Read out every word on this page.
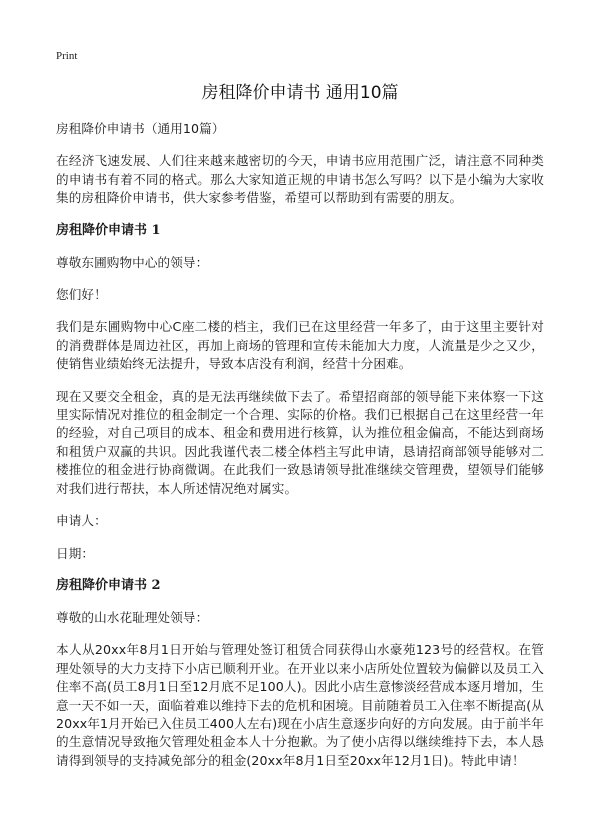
Print
房租降价申请书 通用10篇

房租降价申请书（通用10篇）

在经济飞速发展、人们往来越来越密切的今天，申请书应用范围广泛，请注意不同种类的申请书有着不同的格式。那么大家知道正规的申请书怎么写吗？以下是小编为大家收集的房租降价申请书，供大家参考借鉴，希望可以帮助到有需要的朋友。

房租降价申请书 1

尊敬东圃购物中心的领导：

您们好！

我们是东圃购物中心C座二楼的档主，我们已在这里经营一年多了，由于这里主要针对的消费群体是周边社区，再加上商场的管理和宣传未能加大力度，人流量是少之又少，使销售业绩始终无法提升，导致本店没有利润，经营十分困难。

现在又要交全租金，真的是无法再继续做下去了。希望招商部的领导能下来体察一下这里实际情况对推位的租金制定一个合理、实际的价格。我们已根据自己在这里经营一年的经验，对自己项目的成本、租金和费用进行核算，认为推位租金偏高，不能达到商场和租赁户双赢的共识。因此我谨代表二楼全体档主写此申请，恳请招商部领导能够对二楼推位的租金进行协商微调。在此我们一致恳请领导批准继续交管理费，望领导们能够对我们进行帮扶，本人所述情况绝对属实。

申请人：

日期：

房租降价申请书 2

尊敬的山水花耻理处领导：

本人从20xx年8月1日开始与管理处签订租赁合同获得山水豪苑123号的经营权。在管理处领导的大力支持下小店已顺利开业。在开业以来小店所处位置较为偏僻以及员工入住率不高(员工8月1日至12月底不足100人)。因此小店生意惨淡经营成本逐月增加，生意一天不如一天，面临着难以维持下去的危机和困境。目前随着员工入住率不断提高(从20xx年1月开始已入住员工400人左右)现在小店生意逐步向好的方向发展。由于前半年的生意情况导致拖欠管理处租金本人十分抱歉。为了使小店得以继续维持下去，本人恳请得到领导的支持减免部分的租金(20xx年8月1日至20xx年12月1日)。特此申请！
